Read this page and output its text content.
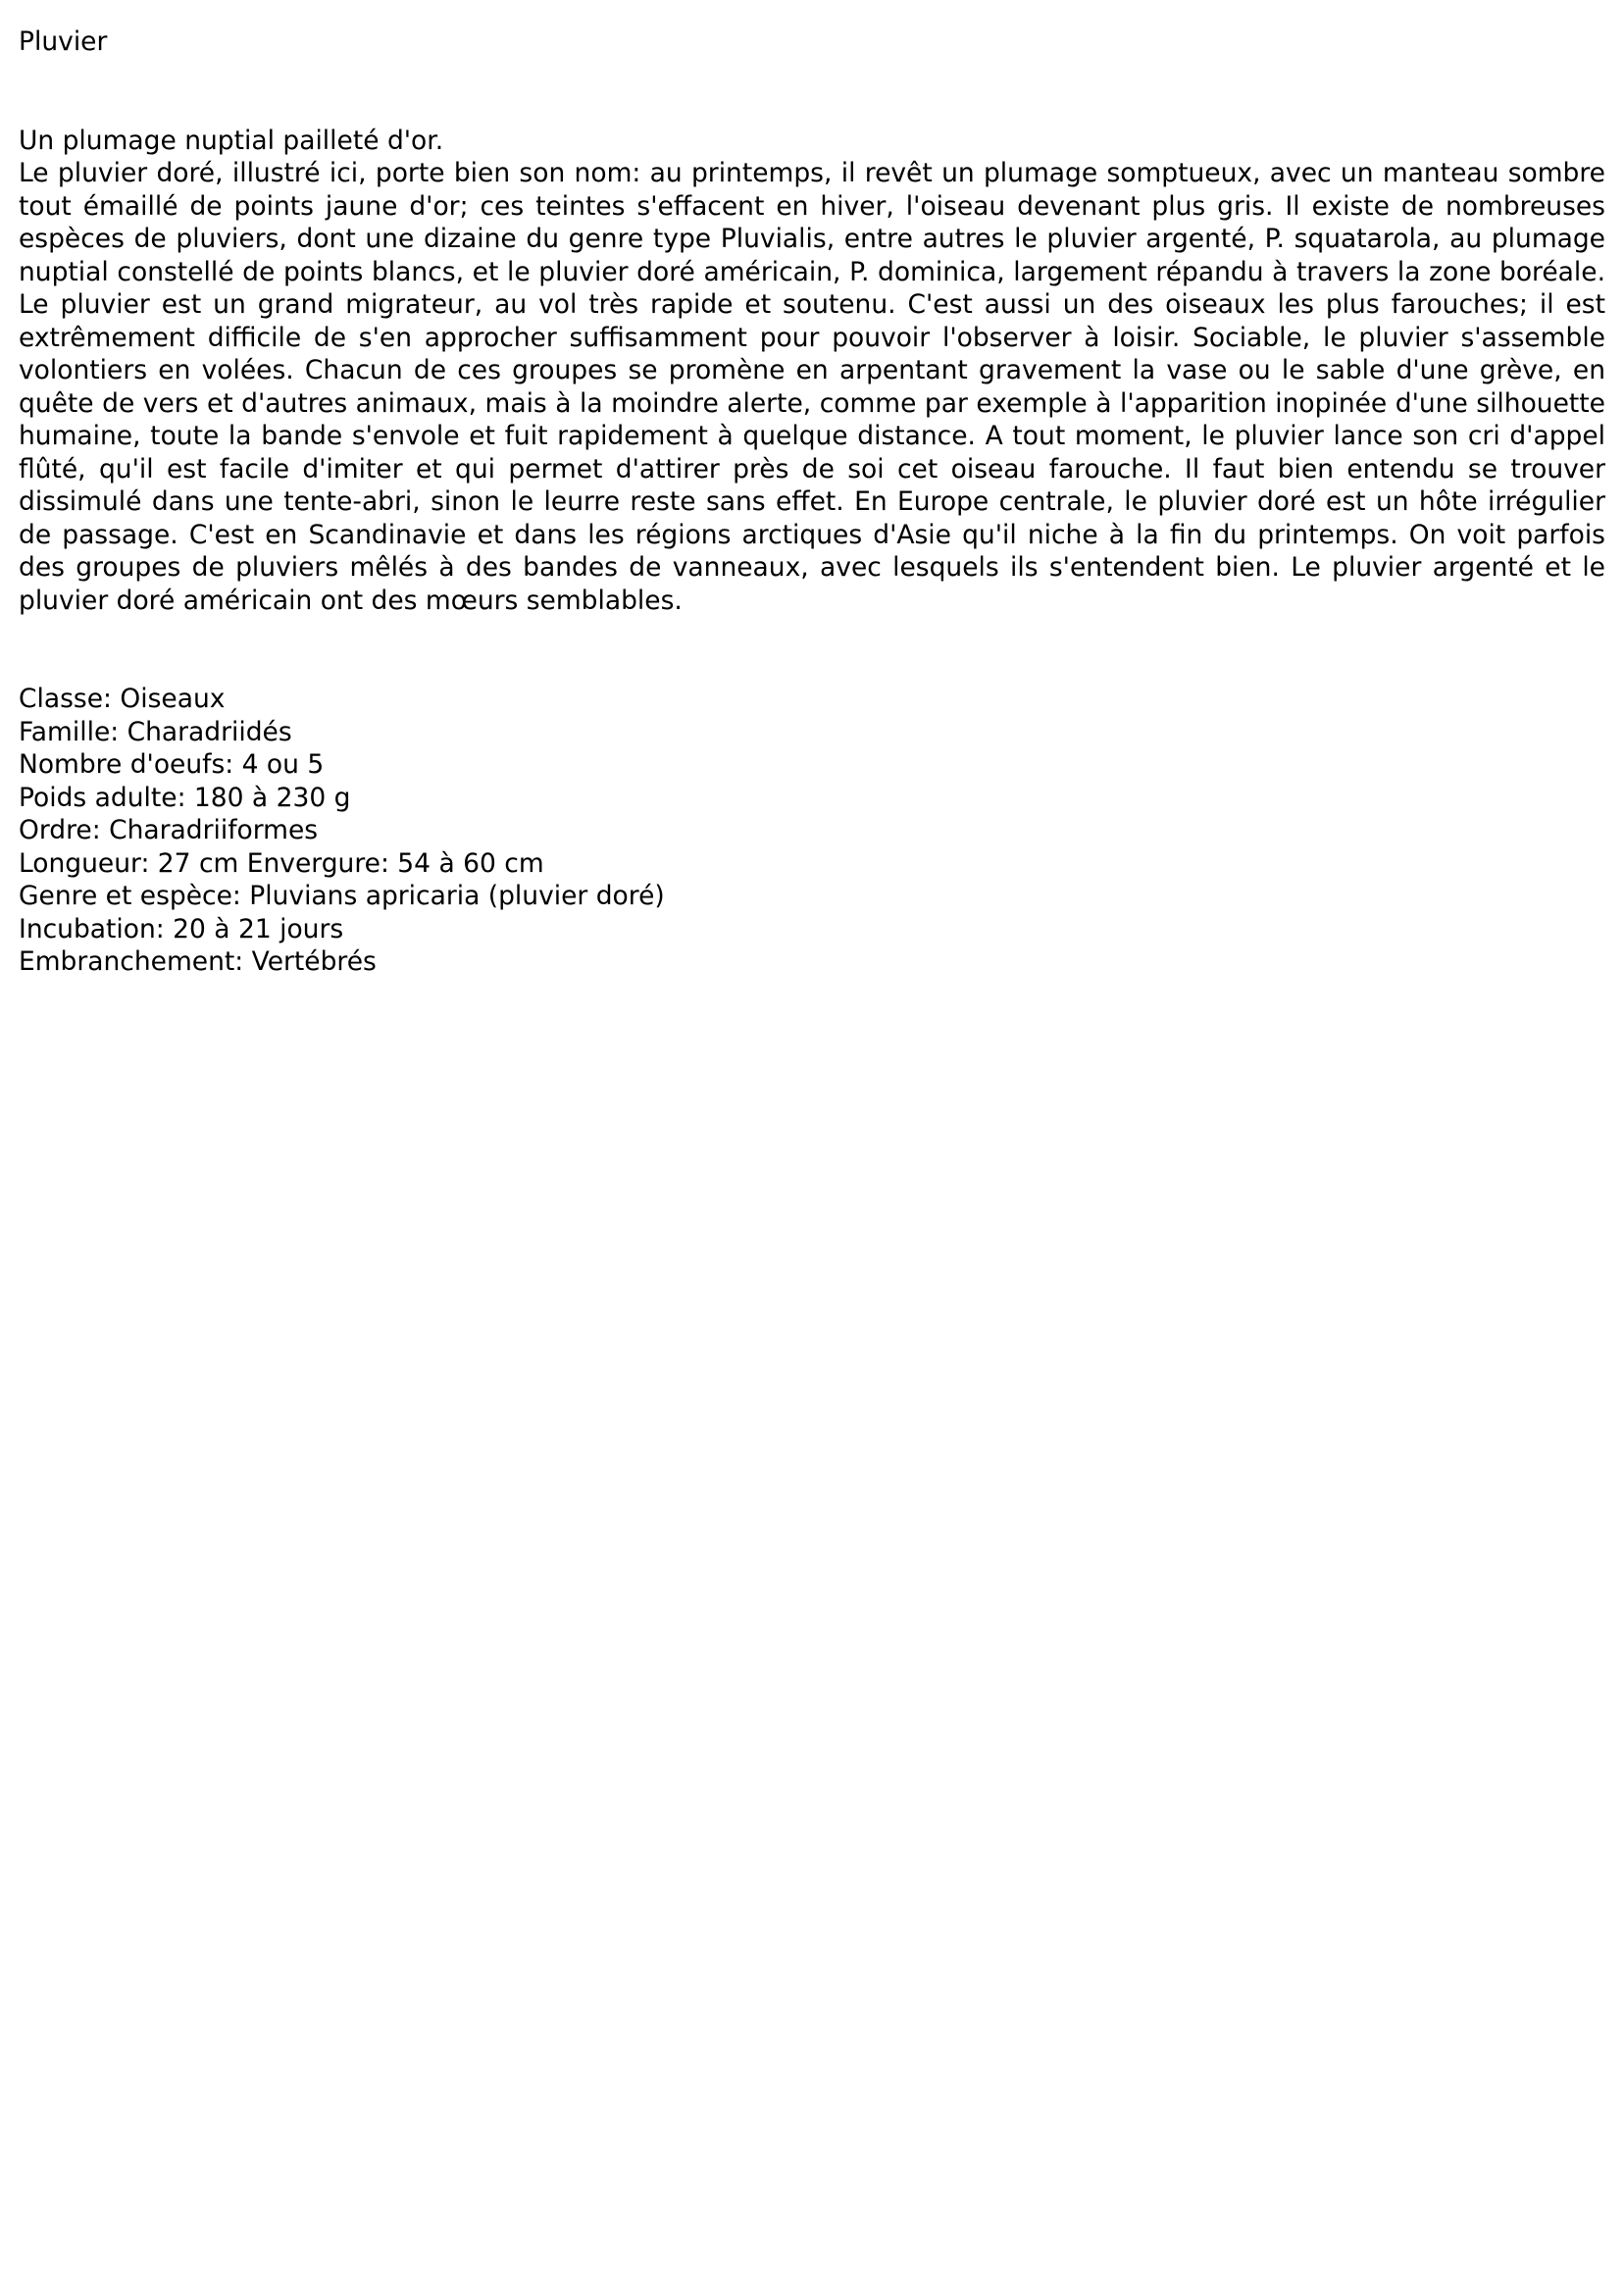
Pluvier

Un plumage nuptial pailleté d'or.

Le pluvier doré, illustré ici, porte bien son nom: au printemps, il revêt un plumage somptueux, avec un manteau sombre tout émaillé de points jaune d'or; ces teintes s'effacent en hiver, l'oiseau devenant plus gris. Il existe de nombreuses espèces de pluviers, dont une dizaine du genre type Pluvialis, entre autres le pluvier argenté, P. squatarola, au plumage nuptial constellé de points blancs, et le pluvier doré américain, P. dominica, largement répandu à travers la zone boréale. Le pluvier est un grand migrateur, au vol très rapide et soutenu. C'est aussi un des oiseaux les plus farouches; il est extrêmement difficile de s'en approcher suffisamment pour pouvoir l'observer à loisir. Sociable, le pluvier s'assemble volontiers en volées. Chacun de ces groupes se promène en arpentant gravement la vase ou le sable d'une grève, en quête de vers et d'autres animaux, mais à la moindre alerte, comme par exemple à l'apparition inopinée d'une silhouette humaine, toute la bande s'envole et fuit rapidement à quelque distance. A tout moment, le pluvier lance son cri d'appel flûté, qu'il est facile d'imiter et qui permet d'attirer près de soi cet oiseau farouche. Il faut bien entendu se trouver dissimulé dans une tente-abri, sinon le leurre reste sans effet. En Europe centrale, le pluvier doré est un hôte irrégulier de passage. C'est en Scandinavie et dans les régions arctiques d'Asie qu'il niche à la fin du printemps. On voit parfois des groupes de pluviers mêlés à des bandes de vanneaux, avec lesquels ils s'entendent bien. Le pluvier argenté et le pluvier doré américain ont des mœurs semblables.

Classe: Oiseaux
Famille: Charadriidés
Nombre d'oeufs: 4 ou 5
Poids adulte: 180 à 230 g
Ordre: Charadriiformes
Longueur: 27 cm Envergure: 54 à 60 cm
Genre et espèce: Pluvians apricaria (pluvier doré)
Incubation: 20 à 21 jours
Embranchement: Vertébrés
